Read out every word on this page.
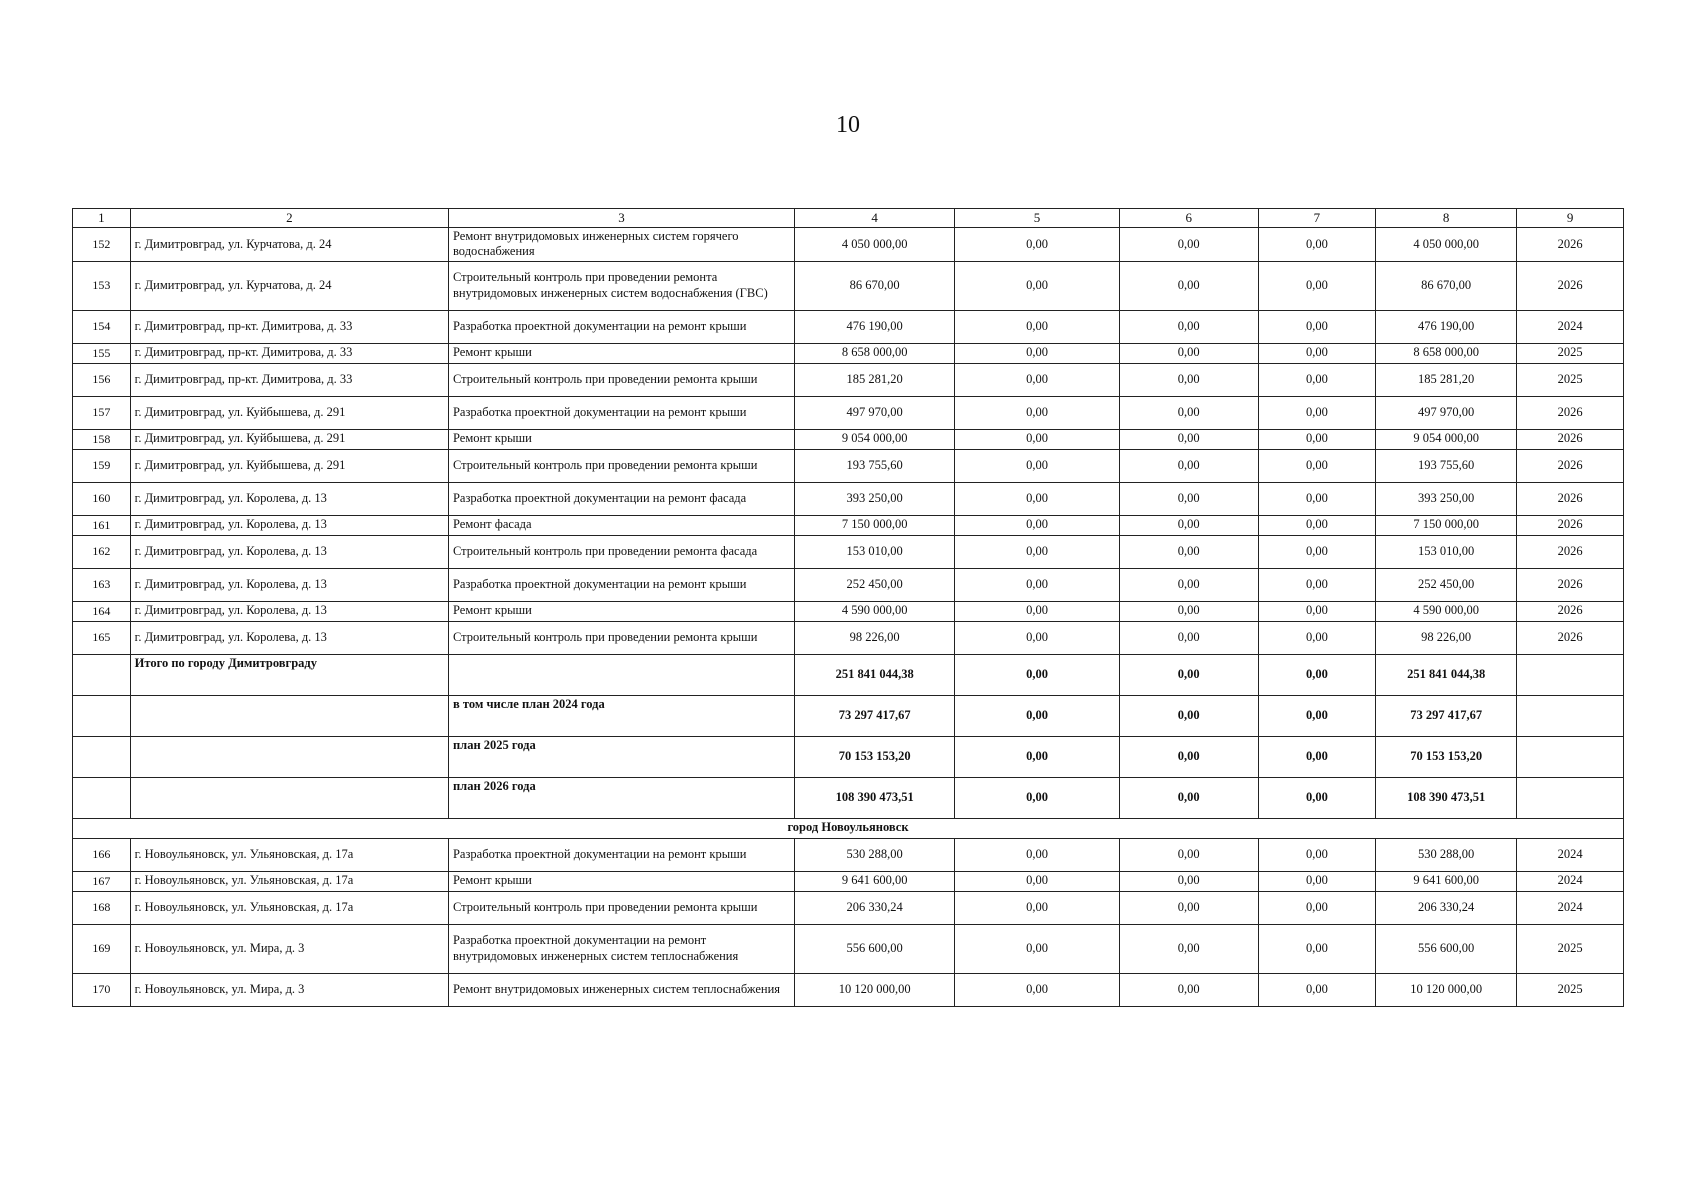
10
1	2	3	4	5	6	7	8	9
152	г. Димитровград, ул. Курчатова, д. 24	Ремонт внутридомовых инженерных систем горячего водоснабжения	4 050 000,00	0,00	0,00	0,00	4 050 000,00	2026
153	г. Димитровград, ул. Курчатова, д. 24	Строительный контроль при проведении ремонта внутридомовых инженерных систем водоснабжения (ГВС)	86 670,00	0,00	0,00	0,00	86 670,00	2026
154	г. Димитровград, пр-кт. Димитрова, д. 33	Разработка проектной документации на ремонт крыши	476 190,00	0,00	0,00	0,00	476 190,00	2024
155	г. Димитровград, пр-кт. Димитрова, д. 33	Ремонт крыши	8 658 000,00	0,00	0,00	0,00	8 658 000,00	2025
156	г. Димитровград, пр-кт. Димитрова, д. 33	Строительный контроль при проведении ремонта крыши	185 281,20	0,00	0,00	0,00	185 281,20	2025
157	г. Димитровград, ул. Куйбышева, д. 291	Разработка проектной документации на ремонт крыши	497 970,00	0,00	0,00	0,00	497 970,00	2026
158	г. Димитровград, ул. Куйбышева, д. 291	Ремонт крыши	9 054 000,00	0,00	0,00	0,00	9 054 000,00	2026
159	г. Димитровград, ул. Куйбышева, д. 291	Строительный контроль при проведении ремонта крыши	193 755,60	0,00	0,00	0,00	193 755,60	2026
160	г. Димитровград, ул. Королева, д. 13	Разработка проектной документации на ремонт фасада	393 250,00	0,00	0,00	0,00	393 250,00	2026
161	г. Димитровград, ул. Королева, д. 13	Ремонт фасада	7 150 000,00	0,00	0,00	0,00	7 150 000,00	2026
162	г. Димитровград, ул. Королева, д. 13	Строительный контроль при проведении ремонта фасада	153 010,00	0,00	0,00	0,00	153 010,00	2026
163	г. Димитровград, ул. Королева, д. 13	Разработка проектной документации на ремонт крыши	252 450,00	0,00	0,00	0,00	252 450,00	2026
164	г. Димитровград, ул. Королева, д. 13	Ремонт крыши	4 590 000,00	0,00	0,00	0,00	4 590 000,00	2026
165	г. Димитровград, ул. Королева, д. 13	Строительный контроль при проведении ремонта крыши	98 226,00	0,00	0,00	0,00	98 226,00	2026
	Итого по городу Димитровграду		251 841 044,38	0,00	0,00	0,00	251 841 044,38	
		в том числе план 2024 года	73 297 417,67	0,00	0,00	0,00	73 297 417,67	
		план 2025 года	70 153 153,20	0,00	0,00	0,00	70 153 153,20	
		план 2026 года	108 390 473,51	0,00	0,00	0,00	108 390 473,51	
город Новоульяновск								
166	г. Новоульяновск, ул. Ульяновская, д. 17а	Разработка проектной документации на ремонт крыши	530 288,00	0,00	0,00	0,00	530 288,00	2024
167	г. Новоульяновск, ул. Ульяновская, д. 17а	Ремонт крыши	9 641 600,00	0,00	0,00	0,00	9 641 600,00	2024
168	г. Новоульяновск, ул. Ульяновская, д. 17а	Строительный контроль при проведении ремонта крыши	206 330,24	0,00	0,00	0,00	206 330,24	2024
169	г. Новоульяновск, ул. Мира, д. 3	Разработка проектной документации на ремонт внутридомовых инженерных систем теплоснабжения	556 600,00	0,00	0,00	0,00	556 600,00	2025
170	г. Новоульяновск, ул. Мира, д. 3	Ремонт внутридомовых инженерных систем теплоснабжения	10 120 000,00	0,00	0,00	0,00	10 120 000,00	2025
